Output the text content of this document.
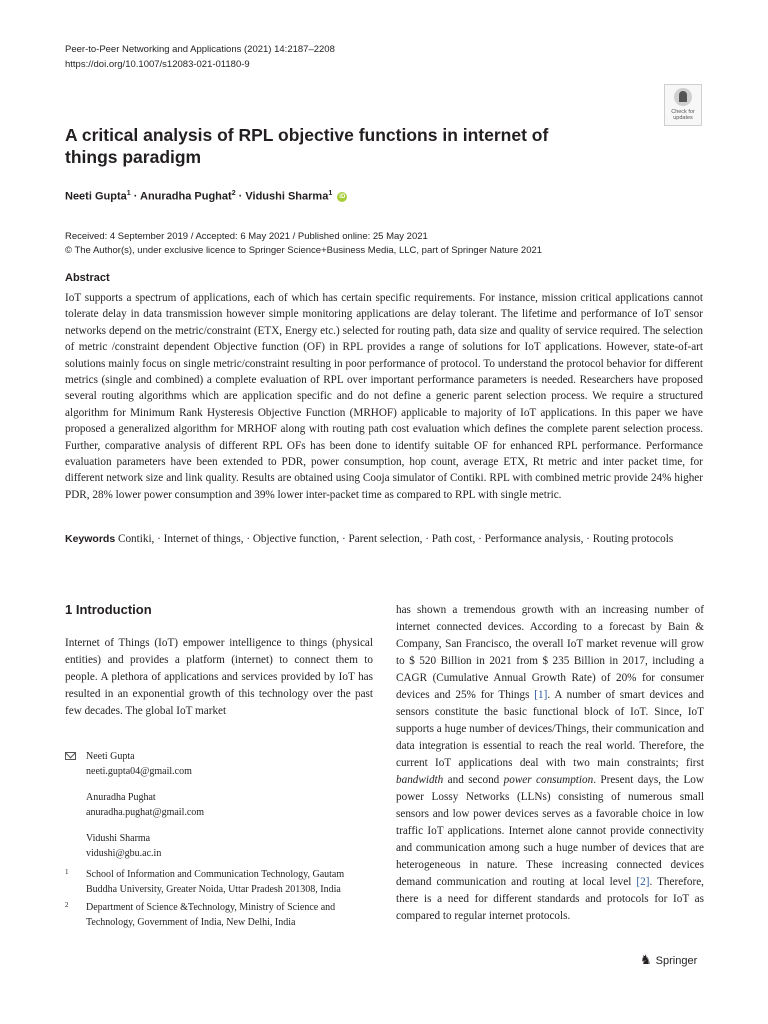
Peer-to-Peer Networking and Applications (2021) 14:2187–2208
https://doi.org/10.1007/s12083-021-01180-9
Check for
updates
A critical analysis of RPL objective functions in internet of things paradigm
Neeti Gupta$^1$ · Anuradha Pughat$^2$ · Vidushi Sharma$^1$ iD
Received: 4 September 2019 / Accepted: 6 May 2021 / Published online: 25 May 2021
© The Author(s), under exclusive licence to Springer Science+Business Media, LLC, part of Springer Nature 2021
Abstract
IoT supports a spectrum of applications, each of which has certain specific requirements. For instance, mission critical applications cannot tolerate delay in data transmission however simple monitoring applications are delay tolerant. The lifetime and performance of IoT sensor networks depend on the metric/constraint (ETX, Energy etc.) selected for routing path, data size and quality of service required. The selection of metric /constraint dependent Objective function (OF) in RPL provides a range of solutions for IoT applications. However, state-of-art solutions mainly focus on single metric/constraint resulting in poor performance of protocol. To understand the protocol behavior for different metrics (single and combined) a complete evaluation of RPL over important performance parameters is needed. Researchers have proposed several routing algorithms which are application specific and do not define a generic parent selection process. We require a structured algorithm for Minimum Rank Hysteresis Objective Function (MRHOF) applicable to majority of IoT applications. In this paper we have proposed a generalized algorithm for MRHOF along with routing path cost evaluation which defines the complete parent selection process. Further, comparative analysis of different RPL OFs has been done to identify suitable OF for enhanced RPL performance. Performance evaluation parameters have been extended to PDR, power consumption, hop count, average ETX, Rt metric and inter packet time, for different network size and link quality. Results are obtained using Cooja simulator of Contiki. RPL with combined metric provide 24% higher PDR, 28% lower power consumption and 39% lower inter-packet time as compared to RPL with single metric.
Keywords Contiki, · Internet of things, · Objective function, · Parent selection, · Path cost, · Performance analysis, · Routing protocols
1 Introduction
Internet of Things (IoT) empower intelligence to things (physical entities) and provides a platform (internet) to connect them to people. A plethora of applications and services provided by IoT has resulted in an exponential growth of this technology over the past few decades. The global IoT market
has shown a tremendous growth with an increasing number of internet connected devices. According to a forecast by Bain & Company, San Francisco, the overall IoT market revenue will grow to $ 520 Billion in 2021 from $ 235 Billion in 2017, including a CAGR (Cumulative Annual Growth Rate) of 20% for consumer devices and 25% for Things [1]. A number of smart devices and sensors constitute the basic functional block of IoT. Since, IoT supports a huge number of devices/Things, their communication and data integration is essential to reach the real world. Therefore, the current IoT applications deal with two main constraints; first bandwidth and second power consumption. Present days, the Low power Lossy Networks (LLNs) consisting of numerous small sensors and low power devices serves as a favorable choice in low traffic IoT applications. Internet alone cannot provide connectivity and communication among such a huge number of devices that are heterogeneous in nature. These increasing connected devices demand communication and routing at local level [2]. Therefore, there is a need for different standards and protocols for IoT as compared to regular internet protocols.
Neeti Gupta
neeti.gupta04@gmail.com
Anuradha Pughat
anuradha.pughat@gmail.com
Vidushi Sharma
vidushi@gbu.ac.in
1 School of Information and Communication Technology, Gautam Buddha University, Greater Noida, Uttar Pradesh 201308, India
2 Department of Science &Technology, Ministry of Science and Technology, Government of India, New Delhi, India
♞ Springer
